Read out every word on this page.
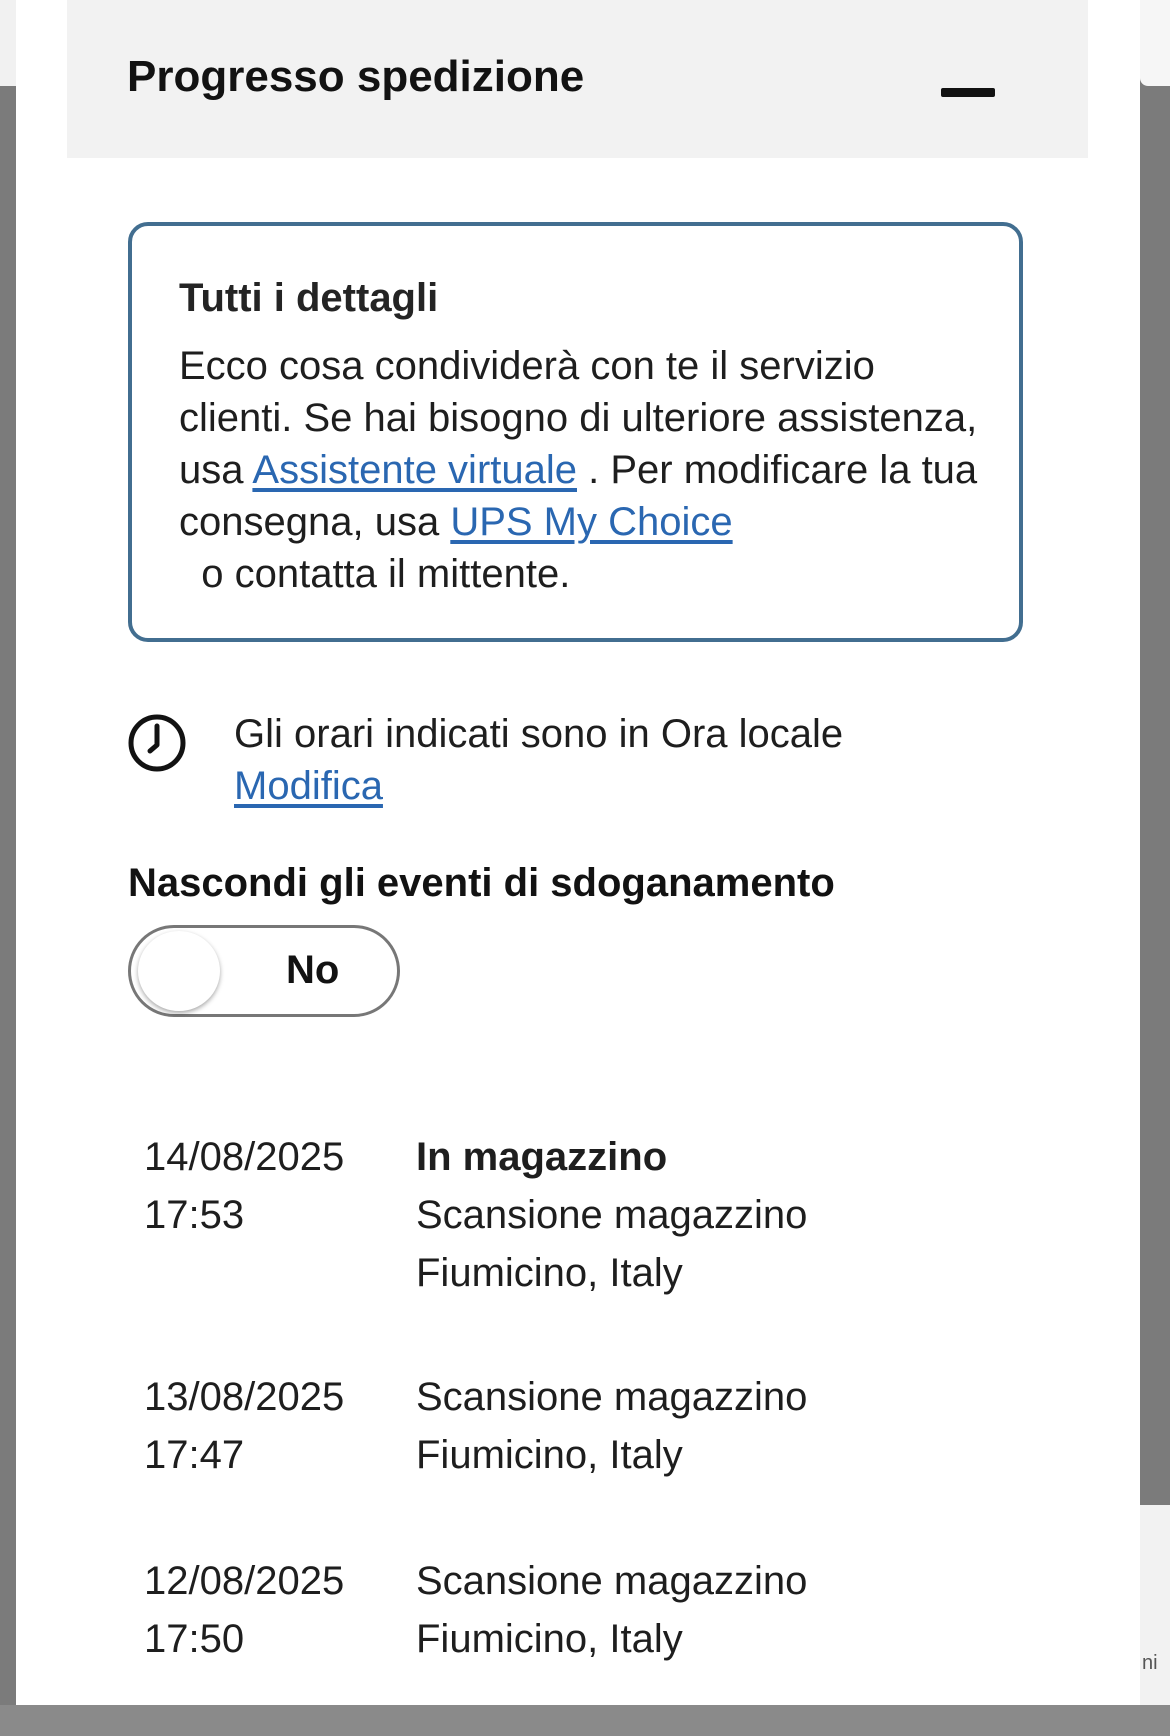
ni
Progresso spedizione
Tutti i dettagli
Ecco cosa condividerà con te il servizio clienti. Se hai bisogno di ulteriore assistenza, usa Assistente virtuale . Per modificare la tua consegna, usa UPS My Choice  o contatta il mittente.
Gli orari indicati sono in Ora locale
Modifica
Nascondi gli eventi di sdoganamento
No
14/08/2025
17:53
In magazzino
Scansione magazzino
Fiumicino, Italy
13/08/2025
17:47
Scansione magazzino
Fiumicino, Italy
12/08/2025
17:50
Scansione magazzino
Fiumicino, Italy
